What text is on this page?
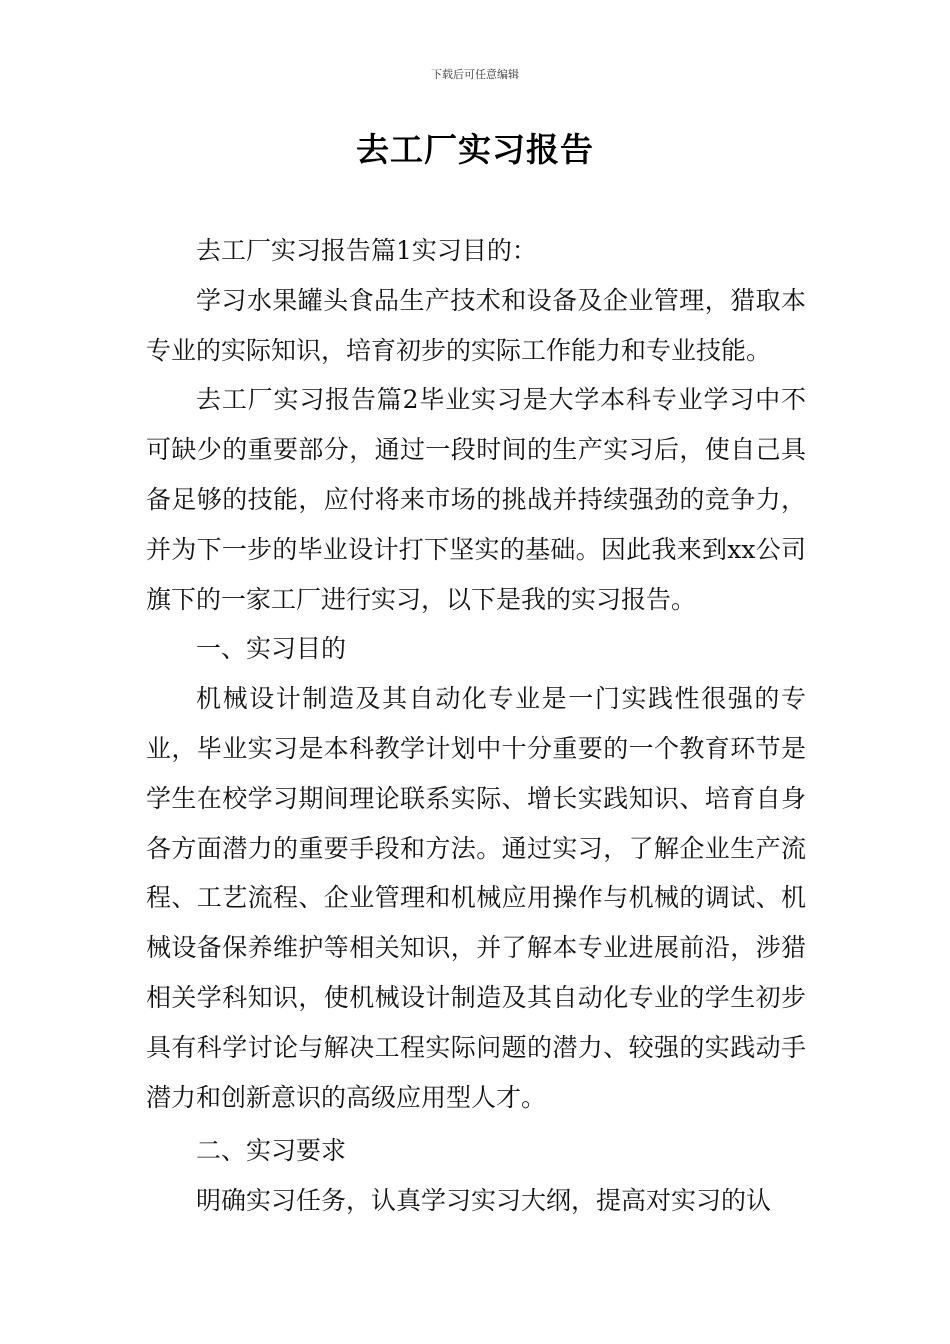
下载后可任意编辑
去工厂实习报告

去工厂实习报告篇1实习目的：

学习水果罐头食品生产技术和设备及企业管理，猎取本专业的实际知识，培育初步的实际工作能力和专业技能。

去工厂实习报告篇2毕业实习是大学本科专业学习中不可缺少的重要部分，通过一段时间的生产实习后，使自己具备足够的技能，应付将来市场的挑战并持续强劲的竞争力，并为下一步的毕业设计打下坚实的基础。因此我来到xx公司旗下的一家工厂进行实习，以下是我的实习报告。

一、实习目的

机械设计制造及其自动化专业是一门实践性很强的专业，毕业实习是本科教学计划中十分重要的一个教育环节是学生在校学习期间理论联系实际、增长实践知识、培育自身各方面潜力的重要手段和方法。通过实习，了解企业生产流程、工艺流程、企业管理和机械应用操作与机械的调试、机械设备保养维护等相关知识，并了解本专业进展前沿，涉猎相关学科知识，使机械设计制造及其自动化专业的学生初步具有科学讨论与解决工程实际问题的潜力、较强的实践动手潜力和创新意识的高级应用型人才。

二、实习要求

明确实习任务，认真学习实习大纲，提高对实习的认
